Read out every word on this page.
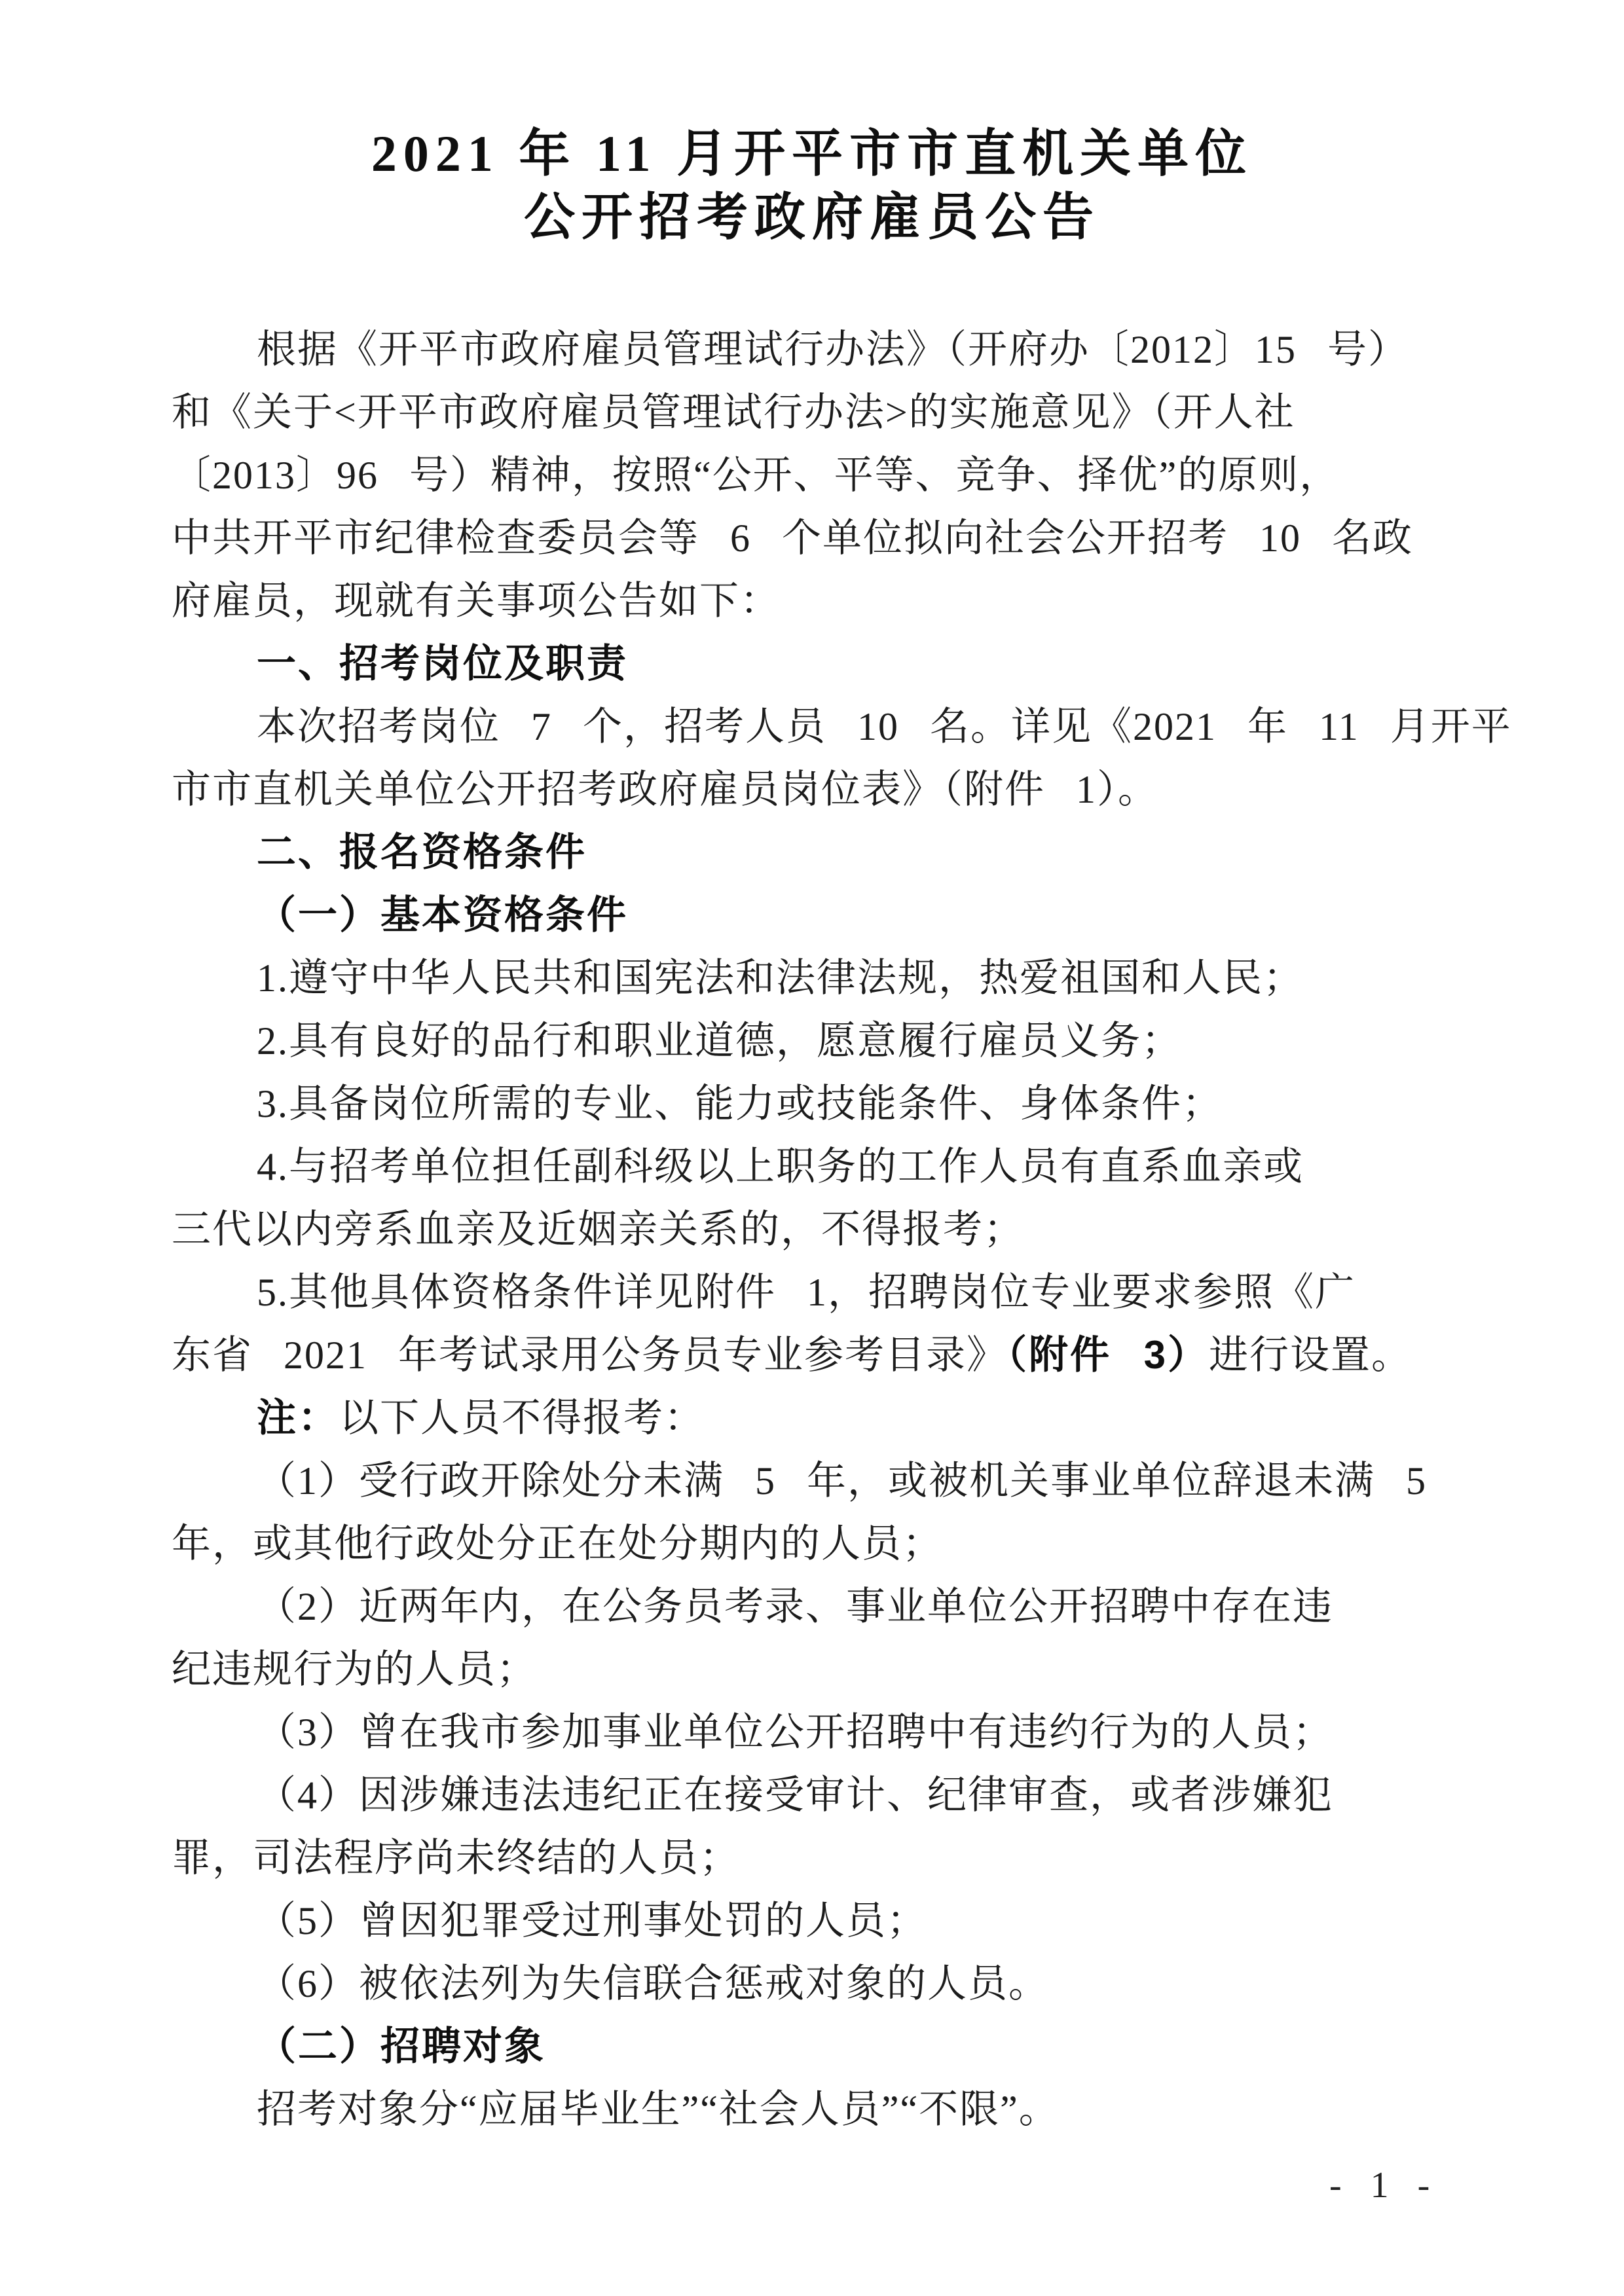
2021 年 11 月开平市市直机关单位
公开招考政府雇员公告
根据《开平市政府雇员管理试行办法》（开府办〔2012〕15 号）
和《关于<开平市政府雇员管理试行办法>的实施意见》（开人社
〔2013〕96 号）精神，按照“公开、平等、竞争、择优”的原则，
中共开平市纪律检查委员会等 6 个单位拟向社会公开招考 10 名政
府雇员，现就有关事项公告如下：
一、招考岗位及职责
本次招考岗位 7 个，招考人员 10 名。详见《2021 年 11 月开平
市市直机关单位公开招考政府雇员岗位表》（附件 1）。
二、报名资格条件
（一）基本资格条件
1.遵守中华人民共和国宪法和法律法规，热爱祖国和人民；
2.具有良好的品行和职业道德，愿意履行雇员义务；
3.具备岗位所需的专业、能力或技能条件、身体条件；
4.与招考单位担任副科级以上职务的工作人员有直系血亲或
三代以内旁系血亲及近姻亲关系的，不得报考；
5.其他具体资格条件详见附件 1，招聘岗位专业要求参照《广
东省 2021 年考试录用公务员专业参考目录》（附件 3）进行设置。
注：以下人员不得报考：
（1）受行政开除处分未满 5 年，或被机关事业单位辞退未满 5
年，或其他行政处分正在处分期内的人员；
（2）近两年内，在公务员考录、事业单位公开招聘中存在违
纪违规行为的人员；
（3）曾在我市参加事业单位公开招聘中有违约行为的人员；
（4）因涉嫌违法违纪正在接受审计、纪律审查，或者涉嫌犯
罪，司法程序尚未终结的人员；
（5）曾因犯罪受过刑事处罚的人员；
（6）被依法列为失信联合惩戒对象的人员。
（二）招聘对象
招考对象分“应届毕业生”“社会人员”“不限”。
- 1 -
